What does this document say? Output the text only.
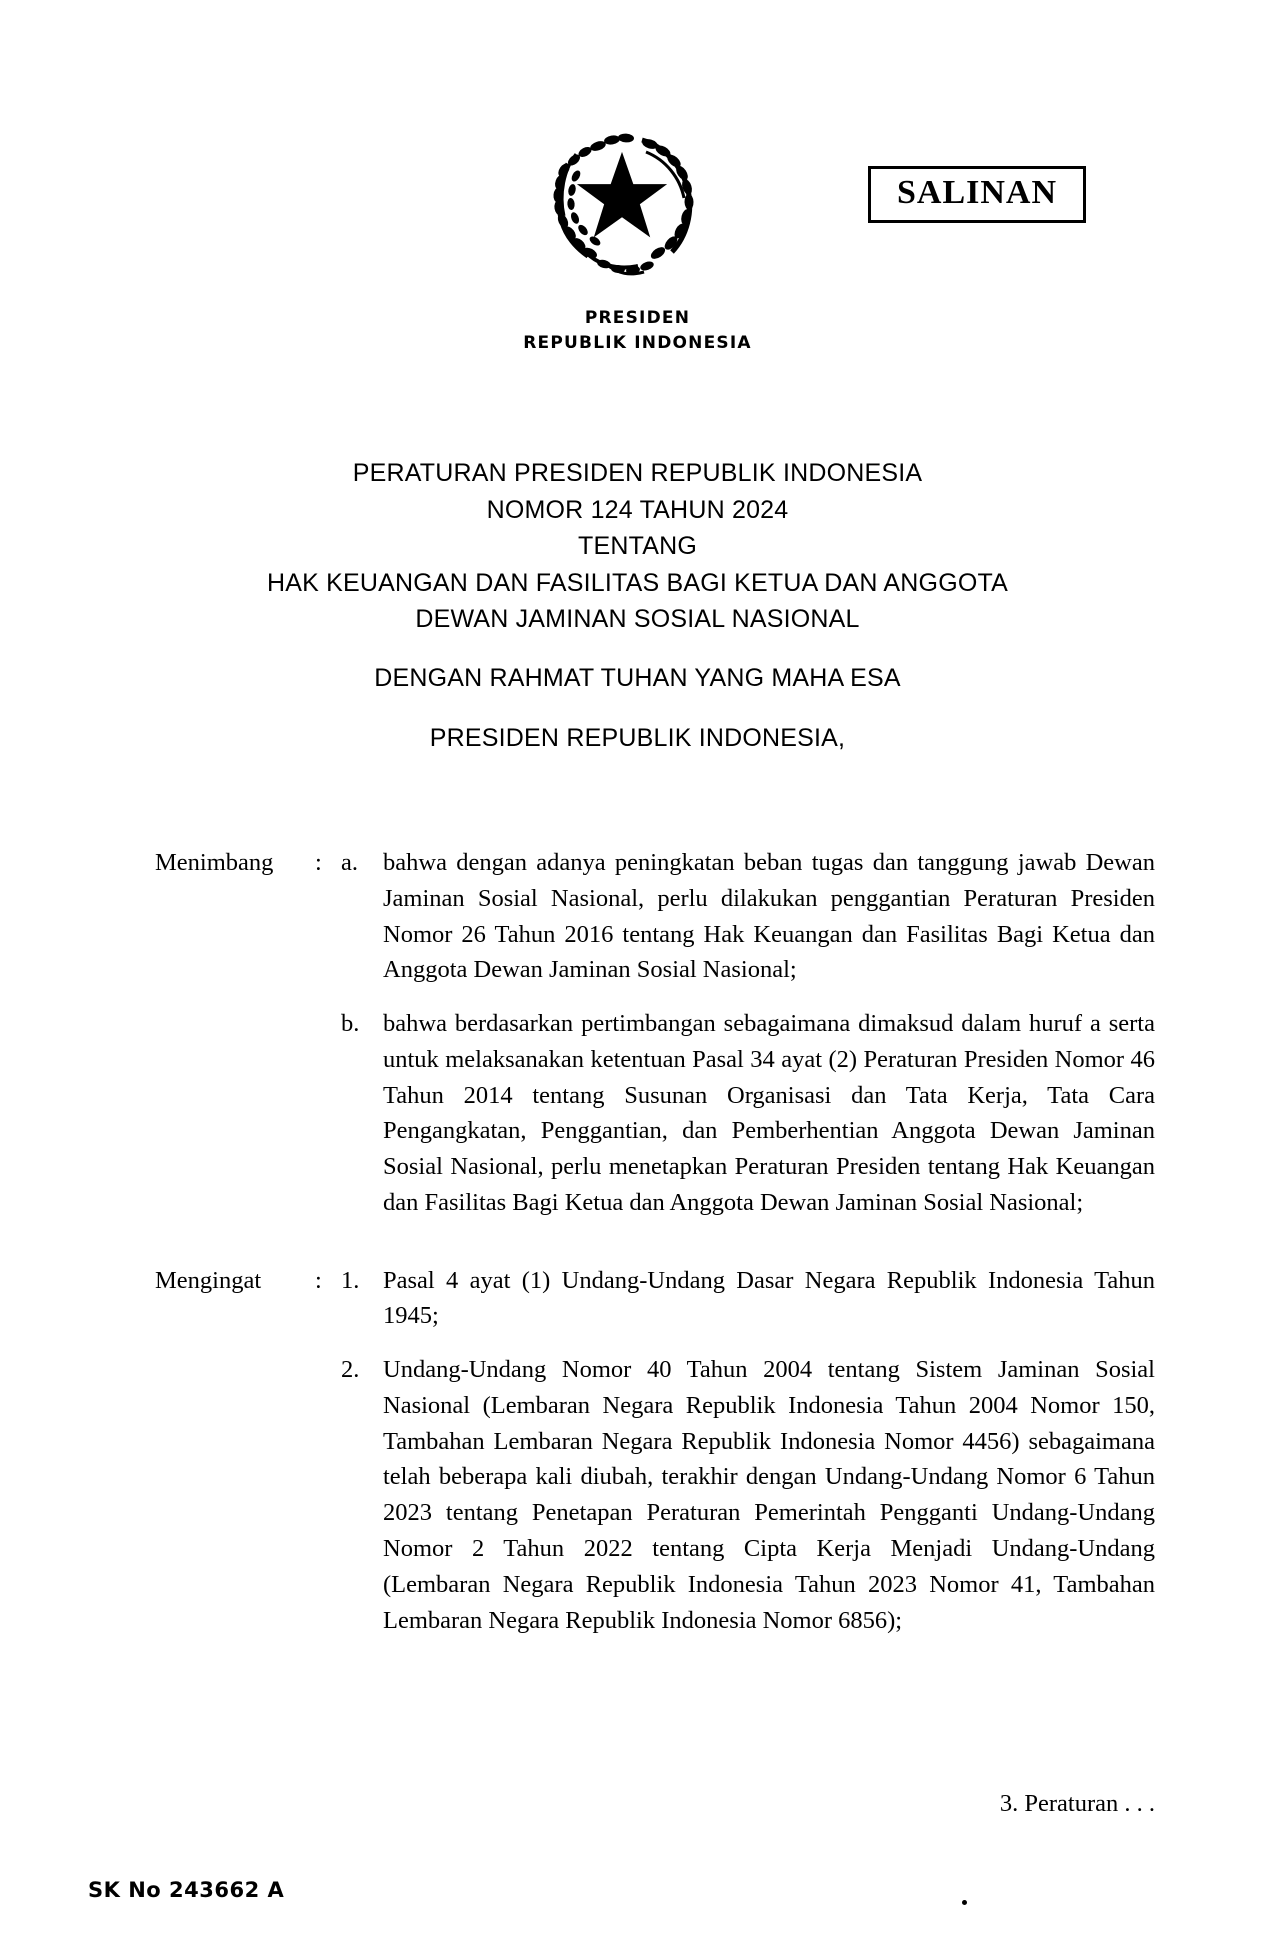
SALINAN
PRESIDEN
REPUBLIK INDONESIA
PERATURAN PRESIDEN REPUBLIK INDONESIA
NOMOR 124 TAHUN 2024
TENTANG
HAK KEUANGAN DAN FASILITAS BAGI KETUA DAN ANGGOTA
DEWAN JAMINAN SOSIAL NASIONAL
DENGAN RAHMAT TUHAN YANG MAHA ESA
PRESIDEN REPUBLIK INDONESIA,
Menimbang	: a.	bahwa dengan adanya peningkatan beban tugas dan tanggung jawab Dewan Jaminan Sosial Nasional, perlu dilakukan penggantian Peraturan Presiden Nomor 26 Tahun 2016 tentang Hak Keuangan dan Fasilitas Bagi Ketua dan Anggota Dewan Jaminan Sosial Nasional;
b. bahwa berdasarkan pertimbangan sebagaimana dimaksud dalam huruf a serta untuk melaksanakan ketentuan Pasal 34 ayat (2) Peraturan Presiden Nomor 46 Tahun 2014 tentang Susunan Organisasi dan Tata Kerja, Tata Cara Pengangkatan, Penggantian, dan Pemberhentian Anggota Dewan Jaminan Sosial Nasional, perlu menetapkan Peraturan Presiden tentang Hak Keuangan dan Fasilitas Bagi Ketua dan Anggota Dewan Jaminan Sosial Nasional;
Mengingat	: 1. Pasal 4 ayat (1) Undang-Undang Dasar Negara Republik Indonesia Tahun 1945;
2. Undang-Undang Nomor 40 Tahun 2004 tentang Sistem Jaminan Sosial Nasional (Lembaran Negara Republik Indonesia Tahun 2004 Nomor 150, Tambahan Lembaran Negara Republik Indonesia Nomor 4456) sebagaimana telah beberapa kali diubah, terakhir dengan Undang-Undang Nomor 6 Tahun 2023 tentang Penetapan Peraturan Pemerintah Pengganti Undang-Undang Nomor 2 Tahun 2022 tentang Cipta Kerja Menjadi Undang-Undang (Lembaran Negara Republik Indonesia Tahun 2023 Nomor 41, Tambahan Lembaran Negara Republik Indonesia Nomor 6856);
3. Peraturan . . .
SK No 243662 A
